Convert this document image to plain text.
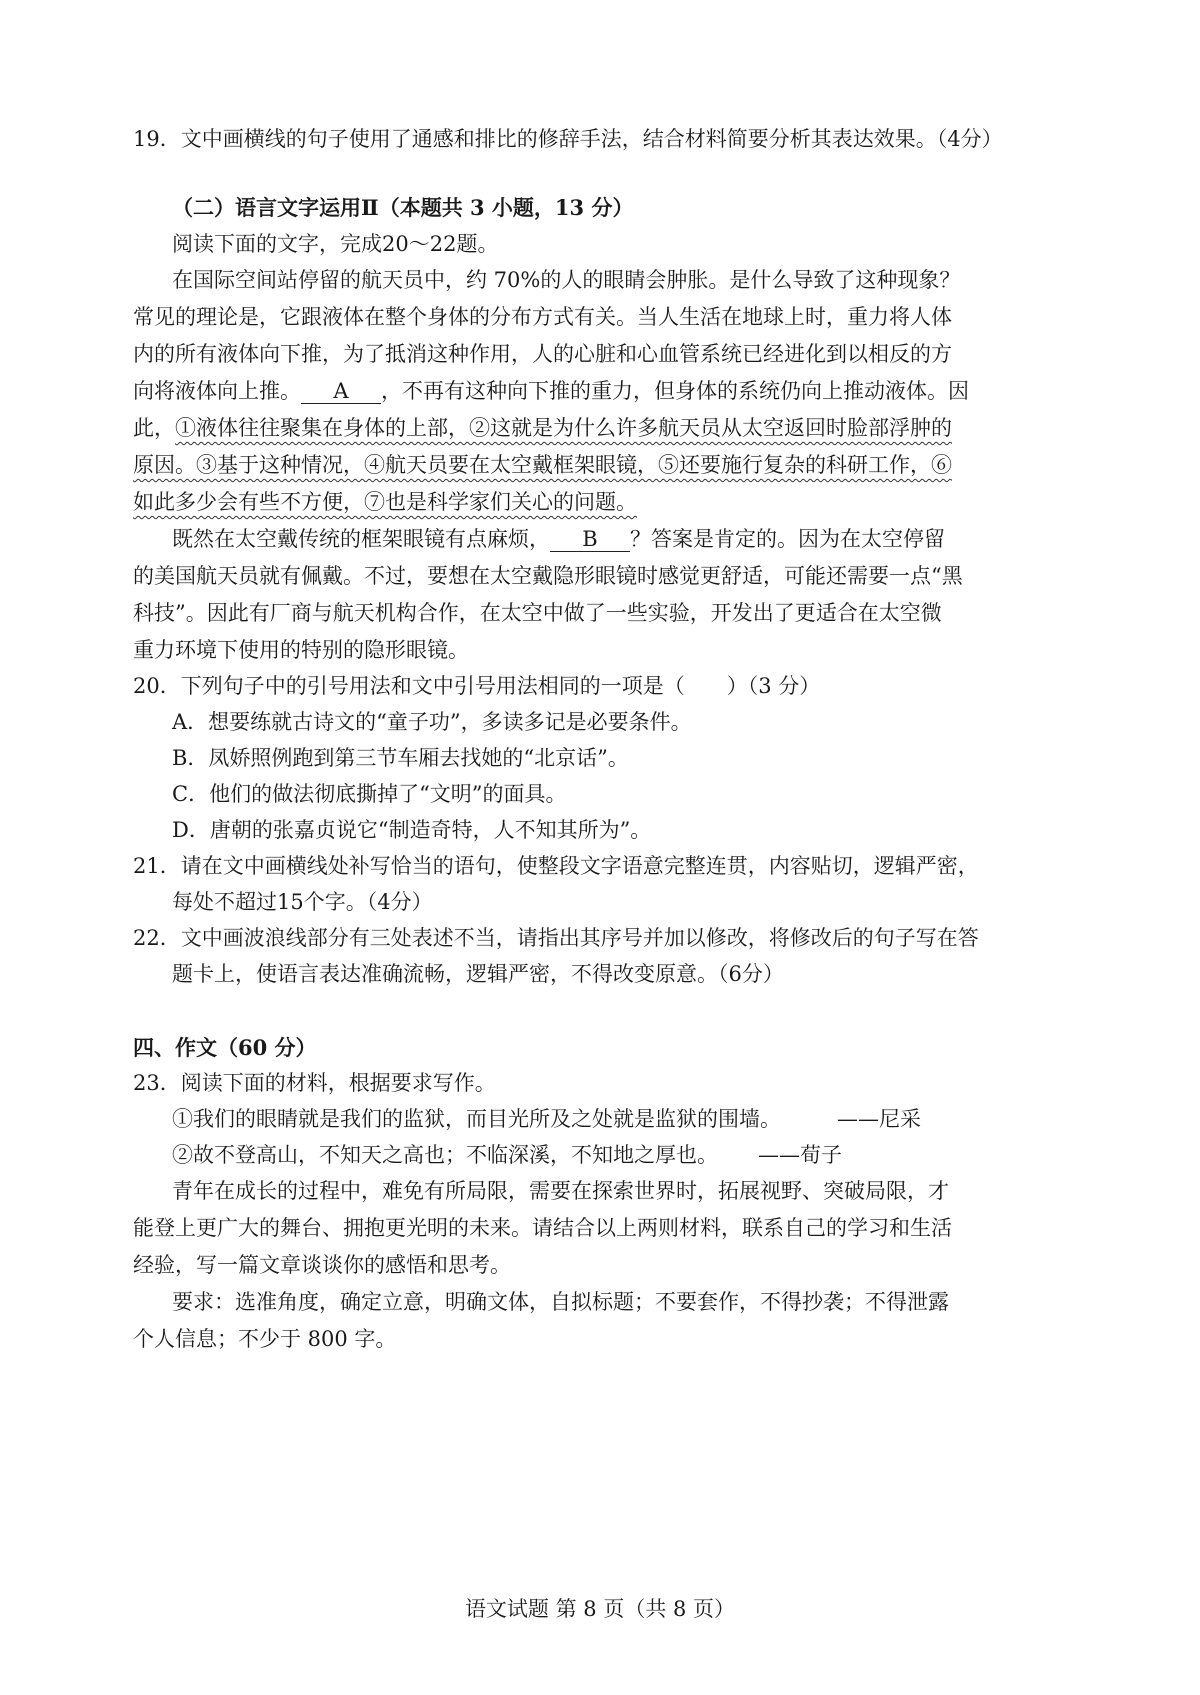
19．文中画横线的句子使用了通感和排比的修辞手法，结合材料简要分析其表达效果。（4分）
（二）语言文字运用Ⅱ（本题共 3 小题，13 分）
阅读下面的文字，完成20～22题。
在国际空间站停留的航天员中，约 70%的人的眼睛会肿胀。是什么导致了这种现象？
常见的理论是，它跟液体在整个身体的分布方式有关。当人生活在地球上时，重力将人体
内的所有液体向下推，为了抵消这种作用，人的心脏和心血管系统已经进化到以相反的方
向将液体向上推。 A ，不再有这种向下推的重力，但身体的系统仍向上推动液体。因
此，①液体往往聚集在身体的上部，②这就是为什么许多航天员从太空返回时脸部浮肿的
原因。③基于这种情况，④航天员要在太空戴框架眼镜，⑤还要施行复杂的科研工作，⑥
如此多少会有些不方便，⑦也是科学家们关心的问题。
既然在太空戴传统的框架眼镜有点麻烦， B ？答案是肯定的。因为在太空停留
的美国航天员就有佩戴。不过，要想在太空戴隐形眼镜时感觉更舒适，可能还需要一点“黑
科技”。因此有厂商与航天机构合作，在太空中做了一些实验，开发出了更适合在太空微
重力环境下使用的特别的隐形眼镜。
20．下列句子中的引号用法和文中引号用法相同的一项是（　　）（3 分）
A．想要练就古诗文的“童子功”，多读多记是必要条件。
B．凤娇照例跑到第三节车厢去找她的“北京话”。
C．他们的做法彻底撕掉了“文明”的面具。
D．唐朝的张嘉贞说它“制造奇特，人不知其所为”。
21．请在文中画横线处补写恰当的语句，使整段文字语意完整连贯，内容贴切，逻辑严密，
每处不超过15个字。（4分）
22．文中画波浪线部分有三处表述不当，请指出其序号并加以修改，将修改后的句子写在答
题卡上，使语言表达准确流畅，逻辑严密，不得改变原意。（6分）
四、作文（60 分）
23．阅读下面的材料，根据要求写作。
①我们的眼睛就是我们的监狱，而目光所及之处就是监狱的围墙。	——尼采
②故不登高山，不知天之高也；不临深溪，不知地之厚也。 ——荀子
青年在成长的过程中，难免有所局限，需要在探索世界时，拓展视野、突破局限，才
能登上更广大的舞台、拥抱更光明的未来。请结合以上两则材料，联系自己的学习和生活
经验，写一篇文章谈谈你的感悟和思考。
要求：选准角度，确定立意，明确文体，自拟标题；不要套作，不得抄袭；不得泄露
个人信息；不少于 800 字。
语文试题 第 8 页（共 8 页）
